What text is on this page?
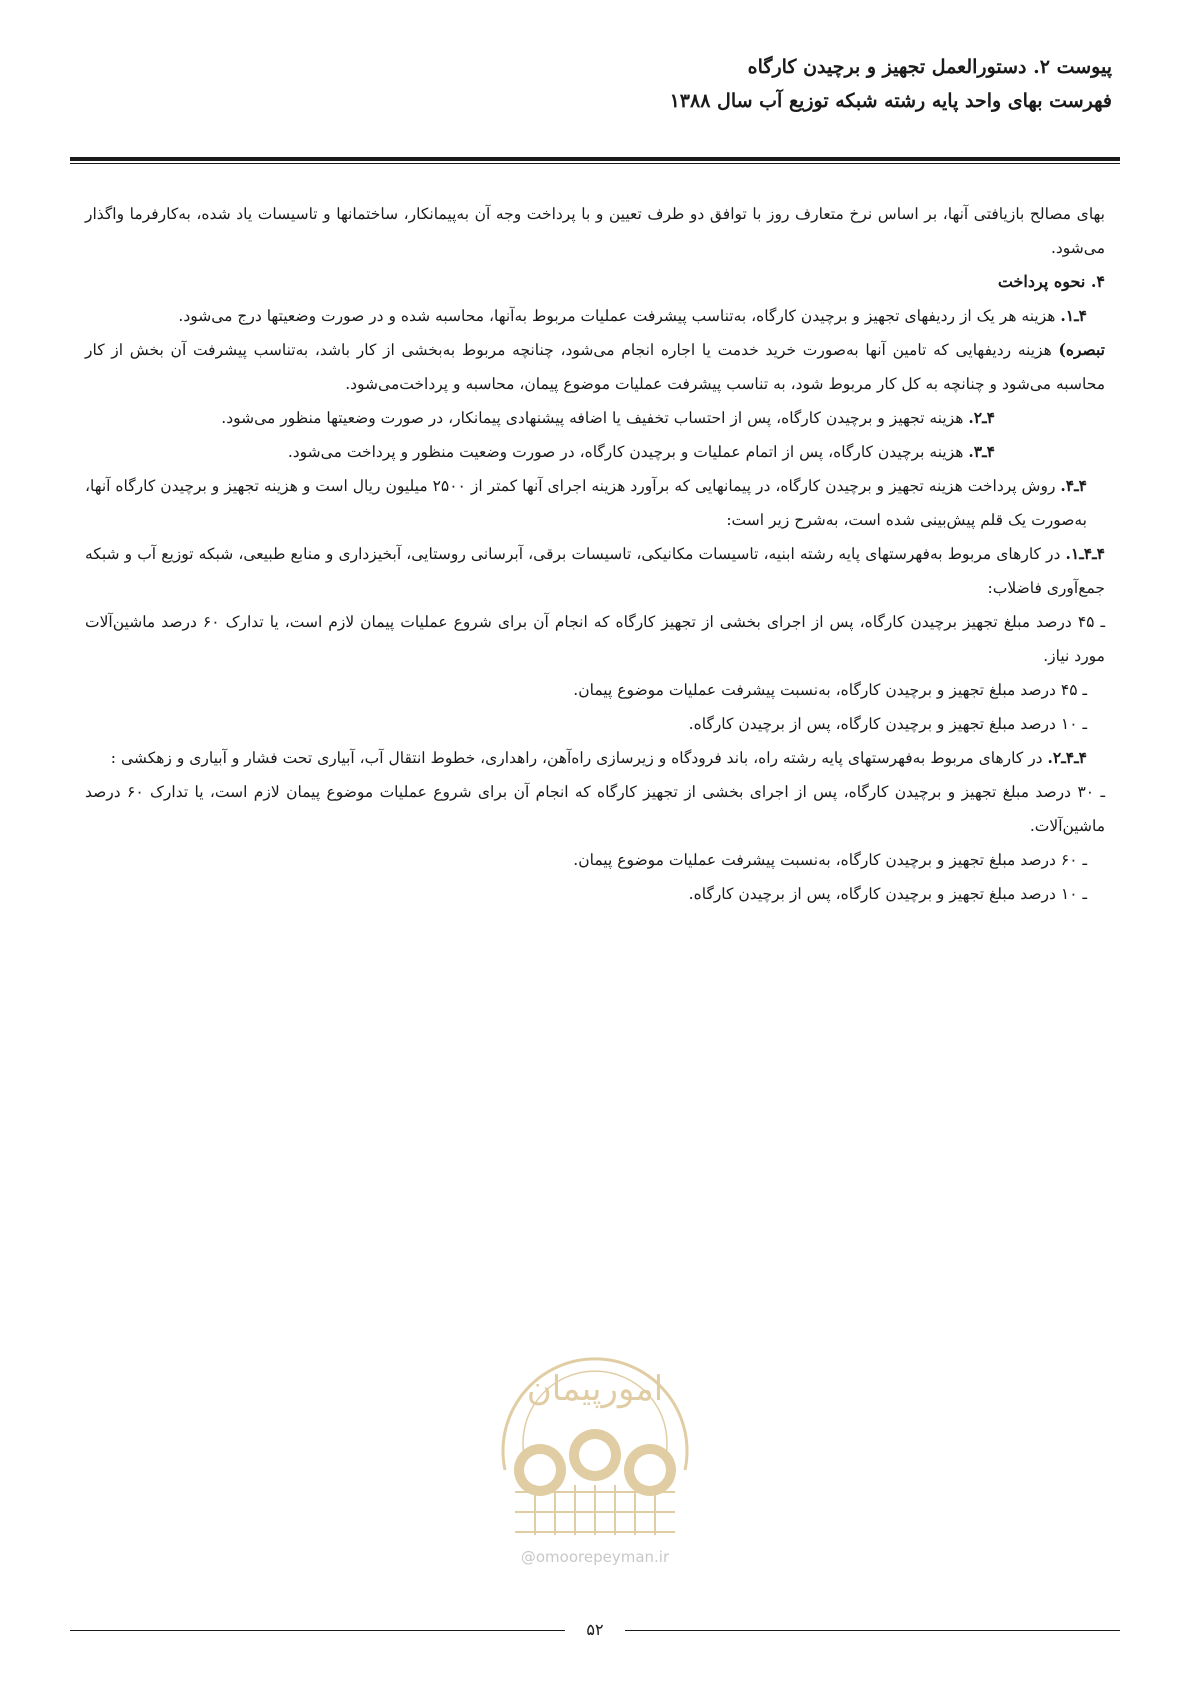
پیوست ۲. دستورالعمل تجهیز و برچیدن کارگاه
فهرست بهای واحد پایه رشته شبکه توزیع آب سال ۱۳۸۸

بهای مصالح بازیافتی آنها، بر اساس نرخ متعارف روز با توافق دو طرف تعیین و با پرداخت وجه آن به‌پیمانکار، ساختمانها و تاسیسات یاد شده، به‌کارفرما واگذار می‌شود.

۴. نحوه پرداخت

۴ـ۱. هزینه هر یک از ردیفهای تجهیز و برچیدن کارگاه، به‌تناسب پیشرفت عملیات مربوط به‌آنها، محاسبه شده و در صورت وضعیتها درج می‌شود.

تبصره) هزینه ردیفهایی که تامین آنها به‌صورت خرید خدمت یا اجاره انجام می‌شود، چنانچه مربوط به‌بخشی از کار باشد، به‌تناسب پیشرفت آن بخش از کار محاسبه می‌شود و چنانچه به کل کار مربوط شود، به تناسب پیشرفت عملیات موضوع پیمان، محاسبه و پرداخت‌می‌شود.

۴ـ۲. هزینه تجهیز و برچیدن کارگاه، پس از احتساب تخفیف یا اضافه پیشنهادی پیمانکار، در صورت وضعیتها منظور می‌شود.

۴ـ۳. هزینه برچیدن کارگاه، پس از اتمام عملیات و برچیدن کارگاه، در صورت وضعیت منظور و پرداخت می‌شود.

۴ـ۴. روش پرداخت هزینه تجهیز و برچیدن کارگاه، در پیمانهایی که برآورد هزینه اجرای آنها کمتر از ۲۵۰۰ میلیون ریال است و هزینه تجهیز و برچیدن کارگاه آنها، به‌صورت یک قلم پیش‌بینی شده است، به‌شرح زیر است:

۴ـ۴ـ۱. در کارهای مربوط به‌فهرستهای پایه رشته ابنیه، تاسیسات مکانیکی، تاسیسات برقی، آبرسانی روستایی، آبخیزداری و منابع طبیعی، شبکه توزیع آب و شبکه جمع‌آوری فاضلاب:

ـ ۴۵ درصد مبلغ تجهیز برچیدن کارگاه، پس از اجرای بخشی از تجهیز کارگاه که انجام آن برای شروع عملیات پیمان لازم است، یا تدارک ۶۰ درصد ماشین‌آلات مورد نیاز.

ـ ۴۵ درصد مبلغ تجهیز و برچیدن کارگاه، به‌نسبت پیشرفت عملیات موضوع پیمان.

ـ ۱۰ درصد مبلغ تجهیز و برچیدن کارگاه، پس از برچیدن کارگاه.

۴ـ۴ـ۲. در کارهای مربوط به‌فهرستهای پایه رشته راه، باند فرودگاه و زیرسازی راه‌آهن، راهداری، خطوط انتقال آب، آبیاری تحت فشار و آبیاری و زهکشی :

ـ ۳۰ درصد مبلغ تجهیز و برچیدن کارگاه، پس از اجرای بخشی از تجهیز کارگاه که انجام آن برای شروع عملیات موضوع پیمان لازم است، یا تدارک ۶۰ درصد ماشین‌آلات.

ـ ۶۰ درصد مبلغ تجهیز و برچیدن کارگاه، به‌نسبت پیشرفت عملیات موضوع پیمان.

ـ ۱۰ درصد مبلغ تجهیز و برچیدن کارگاه، پس از برچیدن کارگاه.

امورپیمان
@omoorepeyman.ir
۵۲
